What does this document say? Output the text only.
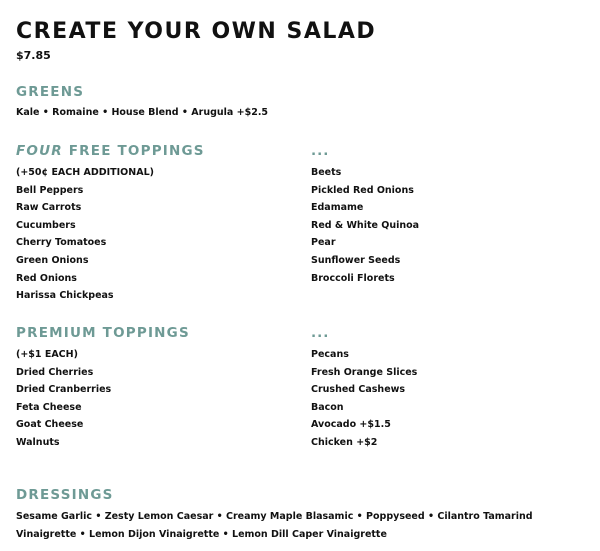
CREATE YOUR OWN SALAD
$7.85
GREENS
Kale • Romaine • House Blend • Arugula +$2.5
FOUR FREE TOPPINGS
(+50¢ EACH ADDITIONAL)
Bell Peppers
Raw Carrots
Cucumbers
Cherry Tomatoes
Green Onions
Red Onions
Harissa Chickpeas
...
Beets
Pickled Red Onions
Edamame
Red & White Quinoa
Pear
Sunflower Seeds
Broccoli Florets
PREMIUM TOPPINGS
(+$1 EACH)
Dried Cherries
Dried Cranberries
Feta Cheese
Goat Cheese
Walnuts
...
Pecans
Fresh Orange Slices
Crushed Cashews
Bacon
Avocado +$1.5
Chicken +$2
DRESSINGS
Sesame Garlic • Zesty Lemon Caesar • Creamy Maple Blasamic • Poppyseed • Cilantro Tamarind Vinaigrette • Lemon Dijon Vinaigrette • Lemon Dill Caper Vinaigrette
